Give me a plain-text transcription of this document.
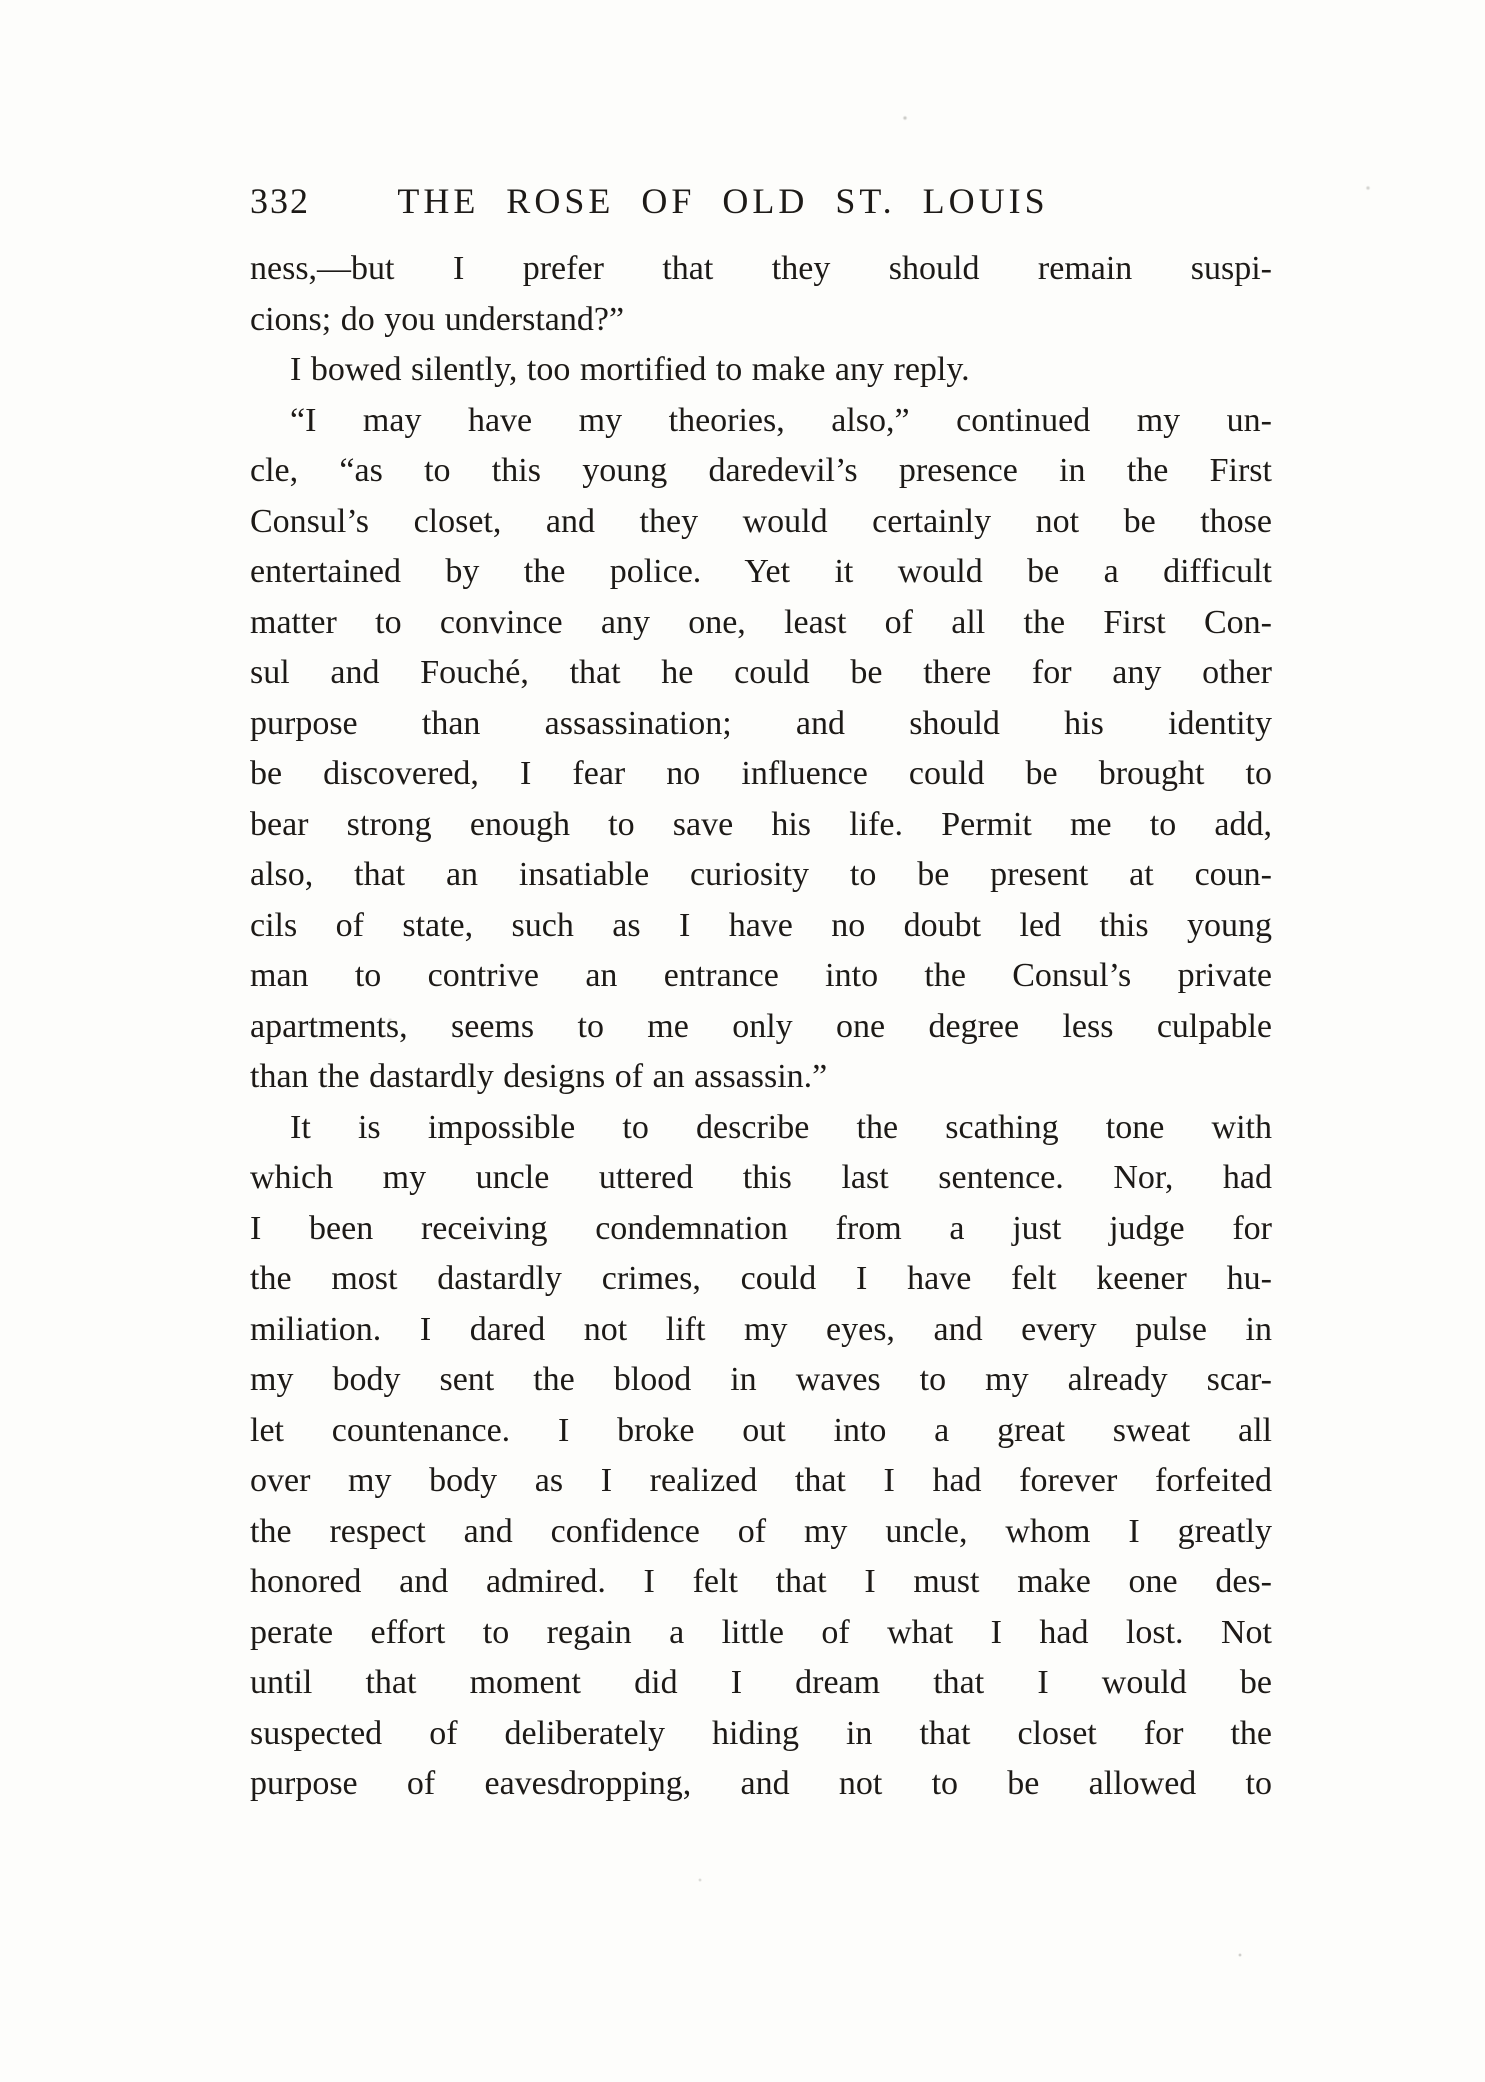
332	THE ROSE OF OLD ST. LOUIS
ness,—but I prefer that they should remain suspi-
cions; do you understand?”
I bowed silently, too mortified to make any reply.
“I may have my theories, also,” continued my un-
cle, “as to this young daredevil’s presence in the First
Consul’s closet, and they would certainly not be those
entertained by the police. Yet it would be a difficult
matter to convince any one, least of all the First Con-
sul and Fouché, that he could be there for any other
purpose than assassination; and should his identity
be discovered, I fear no influence could be brought to
bear strong enough to save his life. Permit me to add,
also, that an insatiable curiosity to be present at coun-
cils of state, such as I have no doubt led this young
man to contrive an entrance into the Consul’s private
apartments, seems to me only one degree less culpable
than the dastardly designs of an assassin.”
It is impossible to describe the scathing tone with
which my uncle uttered this last sentence. Nor, had
I been receiving condemnation from a just judge for
the most dastardly crimes, could I have felt keener hu-
miliation. I dared not lift my eyes, and every pulse in
my body sent the blood in waves to my already scar-
let countenance. I broke out into a great sweat all
over my body as I realized that I had forever forfeited
the respect and confidence of my uncle, whom I greatly
honored and admired. I felt that I must make one des-
perate effort to regain a little of what I had lost. Not
until that moment did I dream that I would be
suspected of deliberately hiding in that closet for the
purpose of eavesdropping, and not to be allowed to
